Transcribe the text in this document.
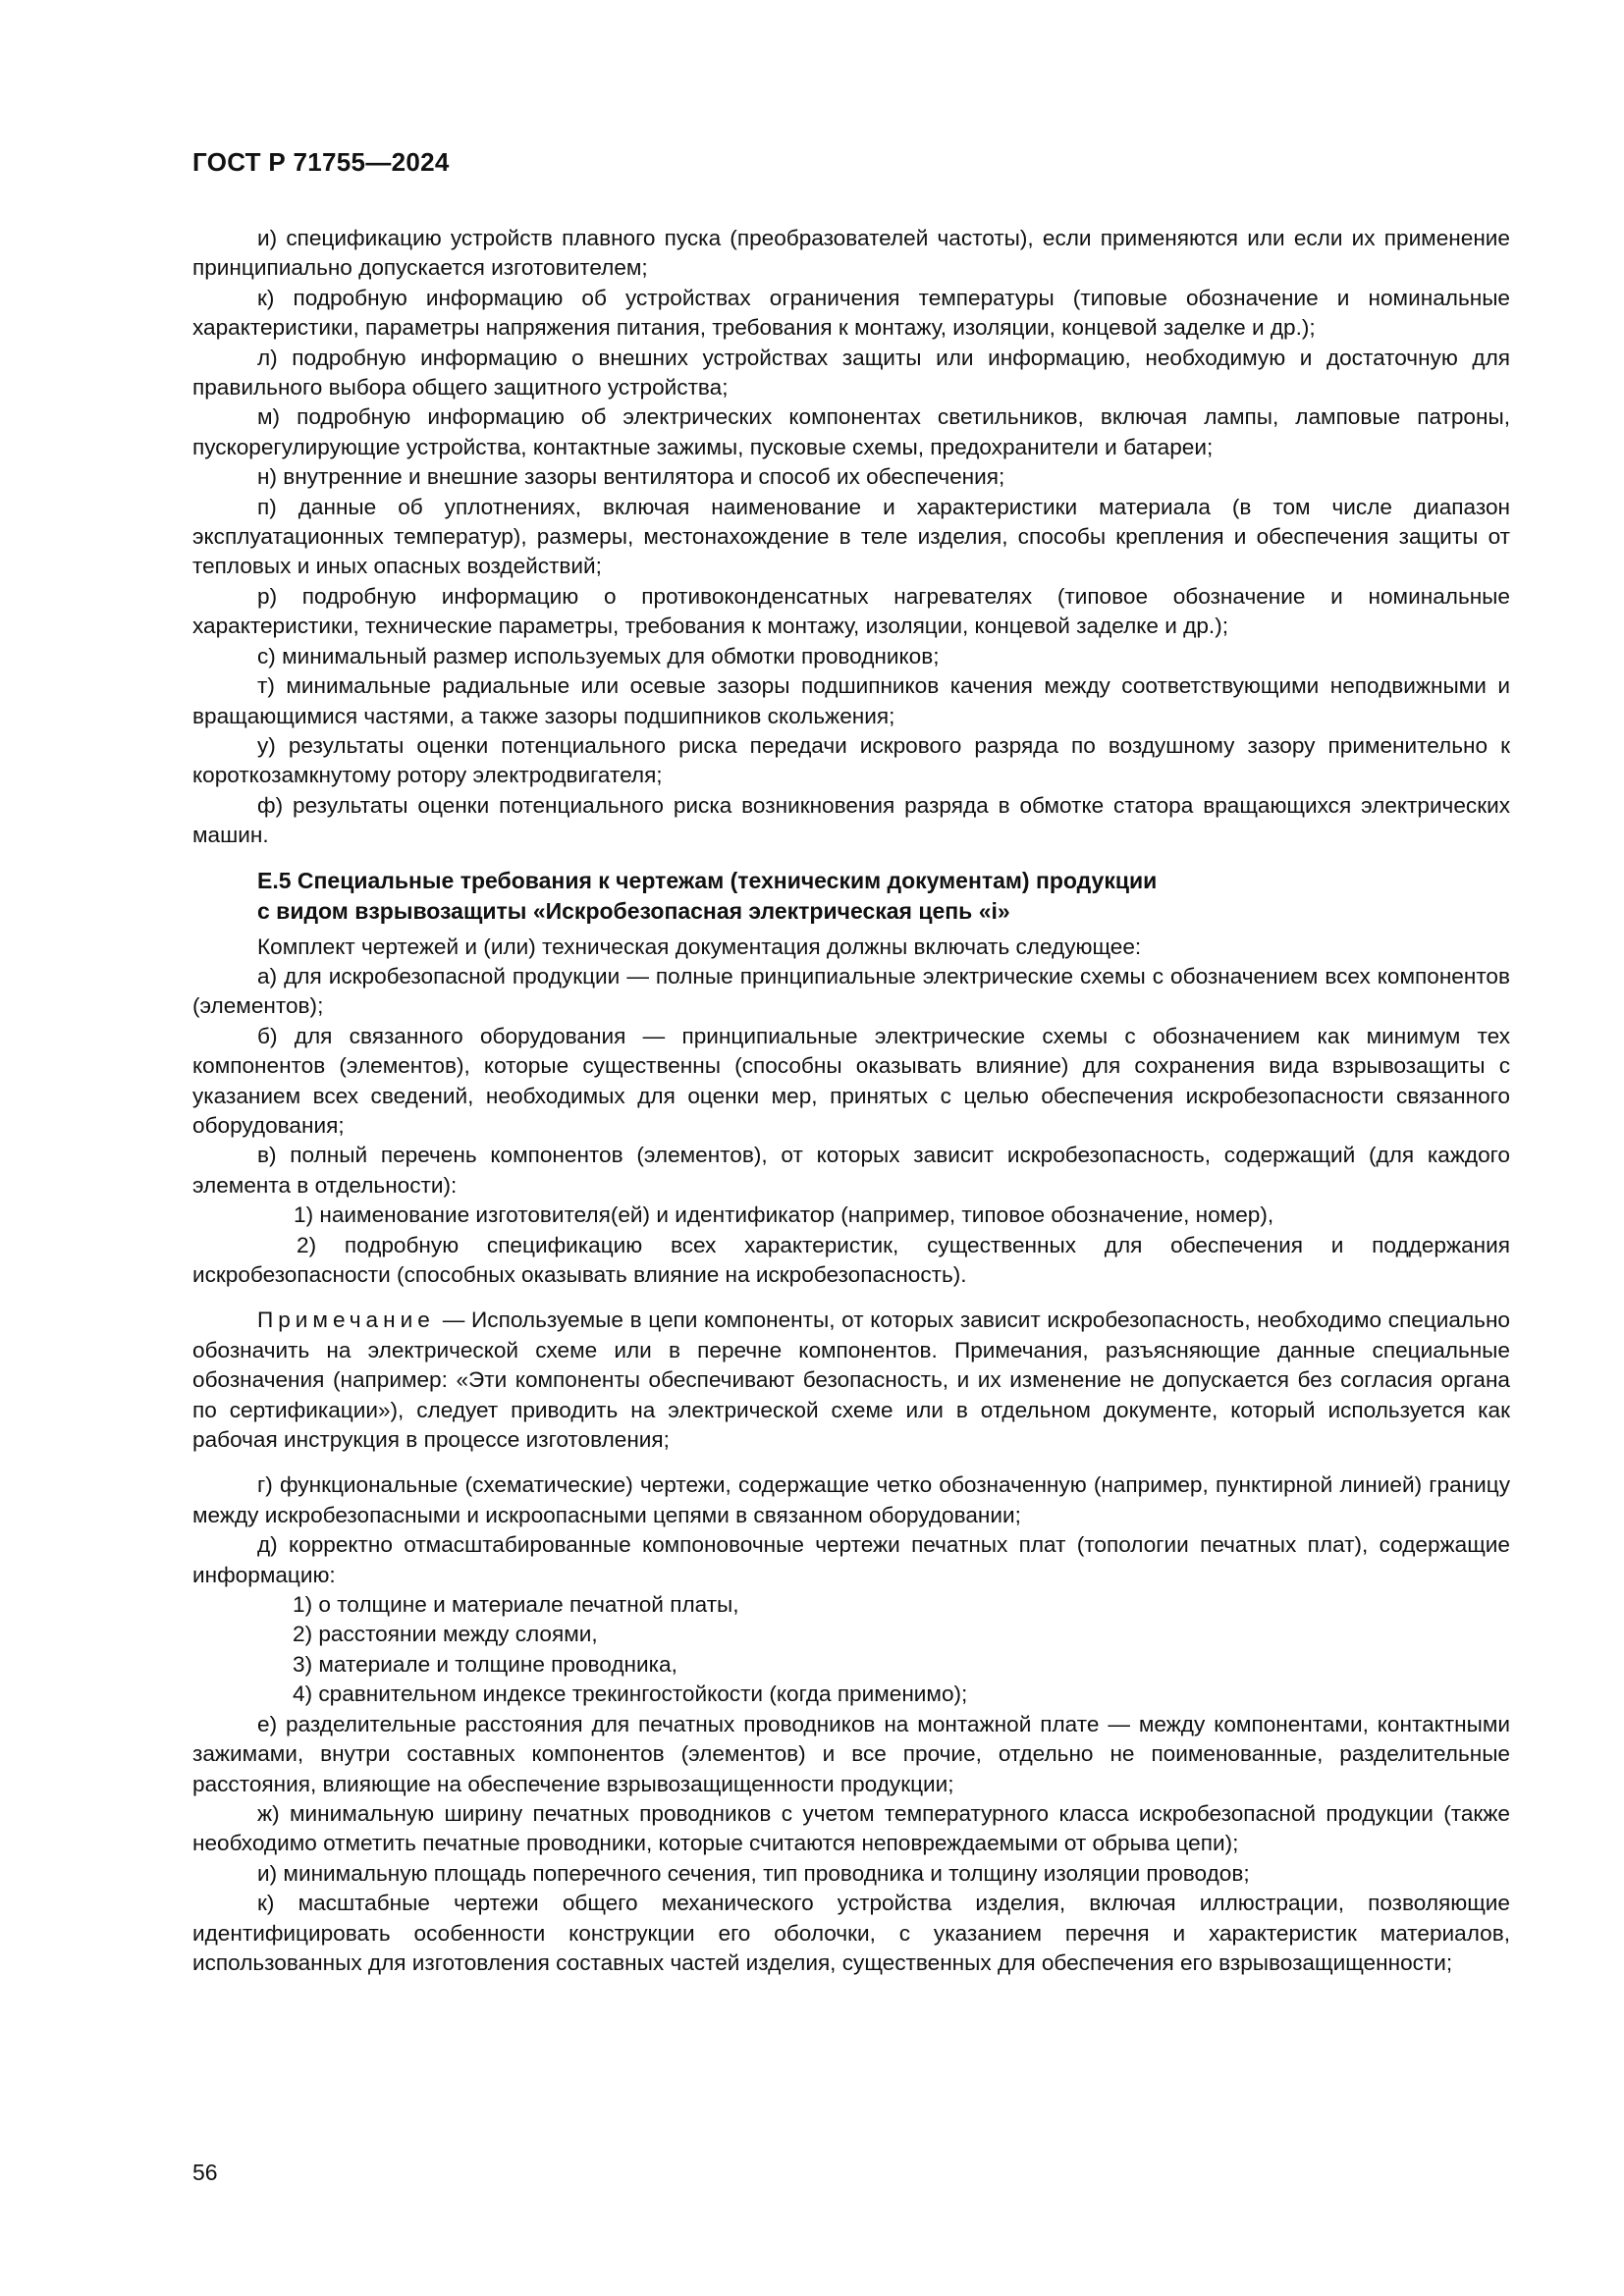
ГОСТ Р 71755—2024

и) спецификацию устройств плавного пуска (преобразователей частоты), если применяются или если их применение принципиально допускается изготовителем;

к) подробную информацию об устройствах ограничения температуры (типовые обозначение и номинальные характеристики, параметры напряжения питания, требования к монтажу, изоляции, концевой заделке и др.);

л) подробную информацию о внешних устройствах защиты или информацию, необходимую и достаточную для правильного выбора общего защитного устройства;

м) подробную информацию об электрических компонентах светильников, включая лампы, ламповые патроны, пускорегулирующие устройства, контактные зажимы, пусковые схемы, предохранители и батареи;

н) внутренние и внешние зазоры вентилятора и способ их обеспечения;

п) данные об уплотнениях, включая наименование и характеристики материала (в том числе диапазон эксплуатационных температур), размеры, местонахождение в теле изделия, способы крепления и обеспечения защиты от тепловых и иных опасных воздействий;

р) подробную информацию о противоконденсатных нагревателях (типовое обозначение и номинальные характеристики, технические параметры, требования к монтажу, изоляции, концевой заделке и др.);

с) минимальный размер используемых для обмотки проводников;

т) минимальные радиальные или осевые зазоры подшипников качения между соответствующими неподвижными и вращающимися частями, а также зазоры подшипников скольжения;

у) результаты оценки потенциального риска передачи искрового разряда по воздушному зазору применительно к короткозамкнутому ротору электродвигателя;

ф) результаты оценки потенциального риска возникновения разряда в обмотке статора вращающихся электрических машин.

Е.5 Специальные требования к чертежам (техническим документам) продукции
с видом взрывозащиты «Искробезопасная электрическая цепь «i»

Комплект чертежей и (или) техническая документация должны включать следующее:

а) для искробезопасной продукции — полные принципиальные электрические схемы с обозначением всех компонентов (элементов);

б) для связанного оборудования — принципиальные электрические схемы с обозначением как минимум тех компонентов (элементов), которые существенны (способны оказывать влияние) для сохранения вида взрывозащиты с указанием всех сведений, необходимых для оценки мер, принятых с целью обеспечения искробезопасности связанного оборудования;

в) полный перечень компонентов (элементов), от которых зависит искробезопасность, содержащий (для каждого элемента в отдельности):

1) наименование изготовителя(ей) и идентификатор (например, типовое обозначение, номер),

2) подробную спецификацию всех характеристик, существенных для обеспечения и поддержания искробезопасности (способных оказывать влияние на искробезопасность).

Примечание — Используемые в цепи компоненты, от которых зависит искробезопасность, необходимо специально обозначить на электрической схеме или в перечне компонентов. Примечания, разъясняющие данные специальные обозначения (например: «Эти компоненты обеспечивают безопасность, и их изменение не допускается без согласия органа по сертификации»), следует приводить на электрической схеме или в отдельном документе, который используется как рабочая инструкция в процессе изготовления;

г) функциональные (схематические) чертежи, содержащие четко обозначенную (например, пунктирной линией) границу между искробезопасными и искроопасными цепями в связанном оборудовании;

д) корректно отмасштабированные компоновочные чертежи печатных плат (топологии печатных плат), содержащие информацию:

1) о толщине и материале печатной платы,

2) расстоянии между слоями,

3) материале и толщине проводника,

4) сравнительном индексе трекингостойкости (когда применимо);

е) разделительные расстояния для печатных проводников на монтажной плате — между компонентами, контактными зажимами, внутри составных компонентов (элементов) и все прочие, отдельно не поименованные, разделительные расстояния, влияющие на обеспечение взрывозащищенности продукции;

ж) минимальную ширину печатных проводников с учетом температурного класса искробезопасной продукции (также необходимо отметить печатные проводники, которые считаются неповреждаемыми от обрыва цепи);

и) минимальную площадь поперечного сечения, тип проводника и толщину изоляции проводов;

к) масштабные чертежи общего механического устройства изделия, включая иллюстрации, позволяющие идентифицировать особенности конструкции его оболочки, с указанием перечня и характеристик материалов, использованных для изготовления составных частей изделия, существенных для обеспечения его взрывозащищенности;

56
